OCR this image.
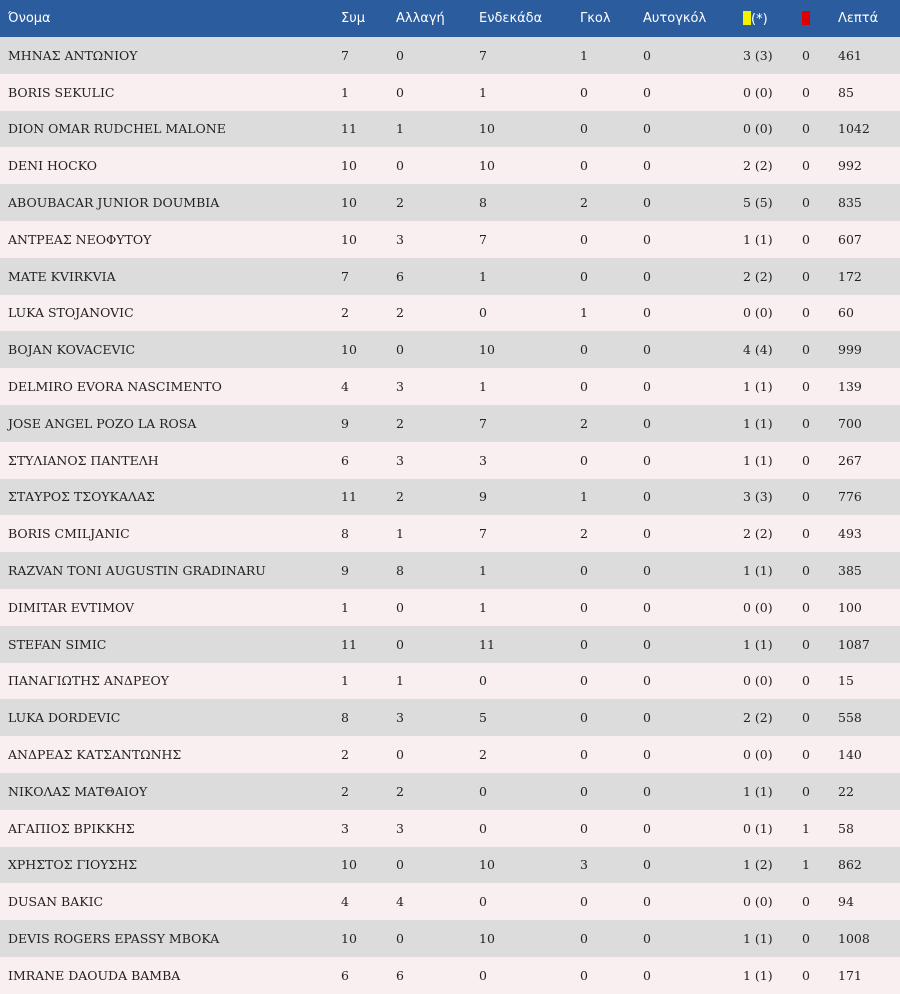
Όνομα	Συμ	Αλλαγή	Ενδεκάδα	Γκολ	Αυτογκόλ	(*)		Λεπτά
ΜΗΝΑΣ ΑΝΤΩΝΙΟΥ	7	0	7	1	0	3 (3)	0	461
BORIS SEKULIC	1	0	1	0	0	0 (0)	0	85
DION OMAR RUDCHEL MALONE	11	1	10	0	0	0 (0)	0	1042
DENI HOCKO	10	0	10	0	0	2 (2)	0	992
ABOUBACAR JUNIOR DOUMBIA	10	2	8	2	0	5 (5)	0	835
ΑΝΤΡΕΑΣ ΝΕΟΦΥΤΟΥ	10	3	7	0	0	1 (1)	0	607
MATE KVIRKVIA	7	6	1	0	0	2 (2)	0	172
LUKA STOJANOVIC	2	2	0	1	0	0 (0)	0	60
BOJAN KOVACEVIC	10	0	10	0	0	4 (4)	0	999
DELMIRO EVORA NASCIMENTO	4	3	1	0	0	1 (1)	0	139
JOSE ANGEL POZO LA ROSA	9	2	7	2	0	1 (1)	0	700
ΣΤΥΛΙΑΝΟΣ ΠΑΝΤΕΛΗ	6	3	3	0	0	1 (1)	0	267
ΣΤΑΥΡΟΣ ΤΣΟΥΚΑΛΑΣ	11	2	9	1	0	3 (3)	0	776
BORIS CMILJANIC	8	1	7	2	0	2 (2)	0	493
RAZVAN TONI AUGUSTIN GRADINARU	9	8	1	0	0	1 (1)	0	385
DIMITAR EVTIMOV	1	0	1	0	0	0 (0)	0	100
STEFAN SIMIC	11	0	11	0	0	1 (1)	0	1087
ΠΑΝΑΓΙΩΤΗΣ ΑΝΔΡΕΟΥ	1	1	0	0	0	0 (0)	0	15
LUKA DORDEVIC	8	3	5	0	0	2 (2)	0	558
ΑΝΔΡΕΑΣ ΚΑΤΣΑΝΤΩΝΗΣ	2	0	2	0	0	0 (0)	0	140
ΝΙΚΟΛΑΣ ΜΑΤΘΑΙΟΥ	2	2	0	0	0	1 (1)	0	22
ΑΓΑΠΙΟΣ ΒΡΙΚΚΗΣ	3	3	0	0	0	0 (1)	1	58
ΧΡΗΣΤΟΣ ΓΙΟΥΣΗΣ	10	0	10	3	0	1 (2)	1	862
DUSAN BAKIC	4	4	0	0	0	0 (0)	0	94
DEVIS ROGERS EPASSY MBOKA	10	0	10	0	0	1 (1)	0	1008
IMRANE DAOUDA BAMBA	6	6	0	0	0	1 (1)	0	171
